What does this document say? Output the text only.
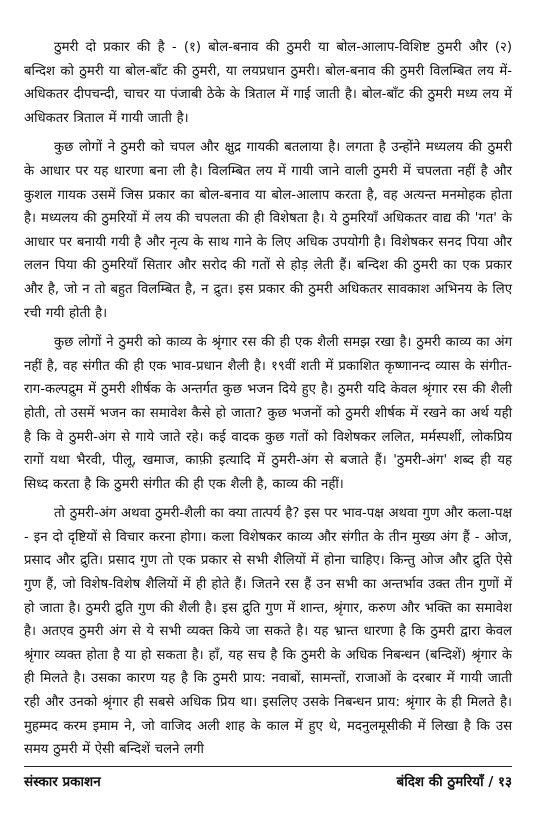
ठुमरी दो प्रकार की है - (१) बोल-बनाव की ठुमरी या बोल-आलाप-विशिष्ट ठुमरी और (२) बन्दिश को ठुमरी या बोल-बाँट की ठुमरी, या लयप्रधान ठुमरी। बोल-बनाव की ठुमरी विलम्बित लय में- अधिकतर दीपचन्दी, चाचर या पंजाबी ठेके के त्रिताल में गाई जाती है। बोल-बाँट की ठुमरी मध्य लय में अधिकतर त्रिताल में गायी जाती है।

कुछ लोगों ने ठुमरी को चपल और क्षुद्र गायकी बतलाया है। लगता है उन्होंने मध्यलय की ठुमरी के आधार पर यह धारणा बना ली है। विलम्बित लय में गायी जाने वाली ठुमरी में चपलता नहीं है और कुशल गायक उसमें जिस प्रकार का बोल-बनाव या बोल-आलाप करता है, वह अत्यन्त मनमोहक होता है। मध्यलय की ठुमरियों में लय की चपलता की ही विशेषता है। ये ठुमरियाँ अधिकतर वाद्य की 'गत' के आधार पर बनायी गयी है और नृत्य के साथ गाने के लिए अधिक उपयोगी है। विशेषकर सनद पिया और ललन पिया की ठुमरियाँ सितार और सरोद की गतों से होड़ लेती हैं। बन्दिश की ठुमरी का एक प्रकार और है, जो न तो बहुत विलम्बित है, न द्रुत। इस प्रकार की ठुमरी अधिकतर सावकाश अभिनय के लिए रची गयी होती है।

कुछ लोगों ने ठुमरी को काव्य के श्रृंगार रस की ही एक शैली समझ रखा है। ठुमरी काव्य का अंग नहीं है, वह संगीत की ही एक भाव-प्रधान शैली है। १९वीं शती में प्रकाशित कृष्णानन्द व्यास के संगीत-राग-कल्पद्रुम में ठुमरी शीर्षक के अन्तर्गत कुछ भजन दिये हुए है। ठुमरी यदि केवल श्रृंगार रस की शैली होती, तो उसमें भजन का समावेश कैसे हो जाता? कुछ भजनों को ठुमरी शीर्षक में रखने का अर्थ यही है कि वे ठुमरी-अंग से गाये जाते रहे। कई वादक कुछ गतों को विशेषकर ललित, मर्मस्पर्शी, लोकप्रिय रागों यथा भैरवी, पीलू, खमाज, काफ़ी इत्यादि में ठुमरी-अंग से बजाते हैं। 'ठुमरी-अंग' शब्द ही यह सिध्द करता है कि ठुमरी संगीत की ही एक शैली है, काव्य की नहीं।

तो ठुमरी-अंग अथवा ठुमरी-शैली का क्या तात्पर्य है? इस पर भाव-पक्ष अथवा गुण और कला-पक्ष - इन दो दृष्टियों से विचार करना होगा। कला विशेषकर काव्य और संगीत के तीन मुख्य अंग हैं - ओज, प्रसाद और द्रुति। प्रसाद गुण तो एक प्रकार से सभी शैलियों में होना चाहिए। किन्तु ओज और द्रुति ऐसे गुण हैं, जो विशेष-विशेष शैलियों में ही होते हैं। जितने रस हैं उन सभी का अन्तर्भाव उक्त तीन गुणों में हो जाता है। ठुमरी द्रुति गुण की शैली है। इस द्रुति गुण में शान्त, श्रृंगार, करुण और भक्ति का समावेश है। अतएव ठुमरी अंग से ये सभी व्यक्त किये जा सकते है। यह भ्रान्त धारणा है कि ठुमरी द्वारा केवल श्रृंगार व्यक्त होता है या हो सकता है। हाँ, यह सच है कि ठुमरी के अधिक निबन्धन (बन्दिशें) श्रृंगार के ही मिलते है। उसका कारण यह है कि ठुमरी प्राय: नवाबों, सामन्तों, राजाओं के दरबार में गायी जाती रही और उनको श्रृंगार ही सबसे अधिक प्रिय था। इसलिए उसके निबन्धन प्राय: श्रृंगार के ही मिलते है। मुहम्मद करम इमाम ने, जो वाजिद अली शाह के काल में हुए थे, मदनुलमूसीकी में लिखा है कि उस समय ठुमरी में ऐसी बन्दिशें चलने लगी

संस्कार प्रकाशन	बंदिश की ठुमरियाँ / १३
